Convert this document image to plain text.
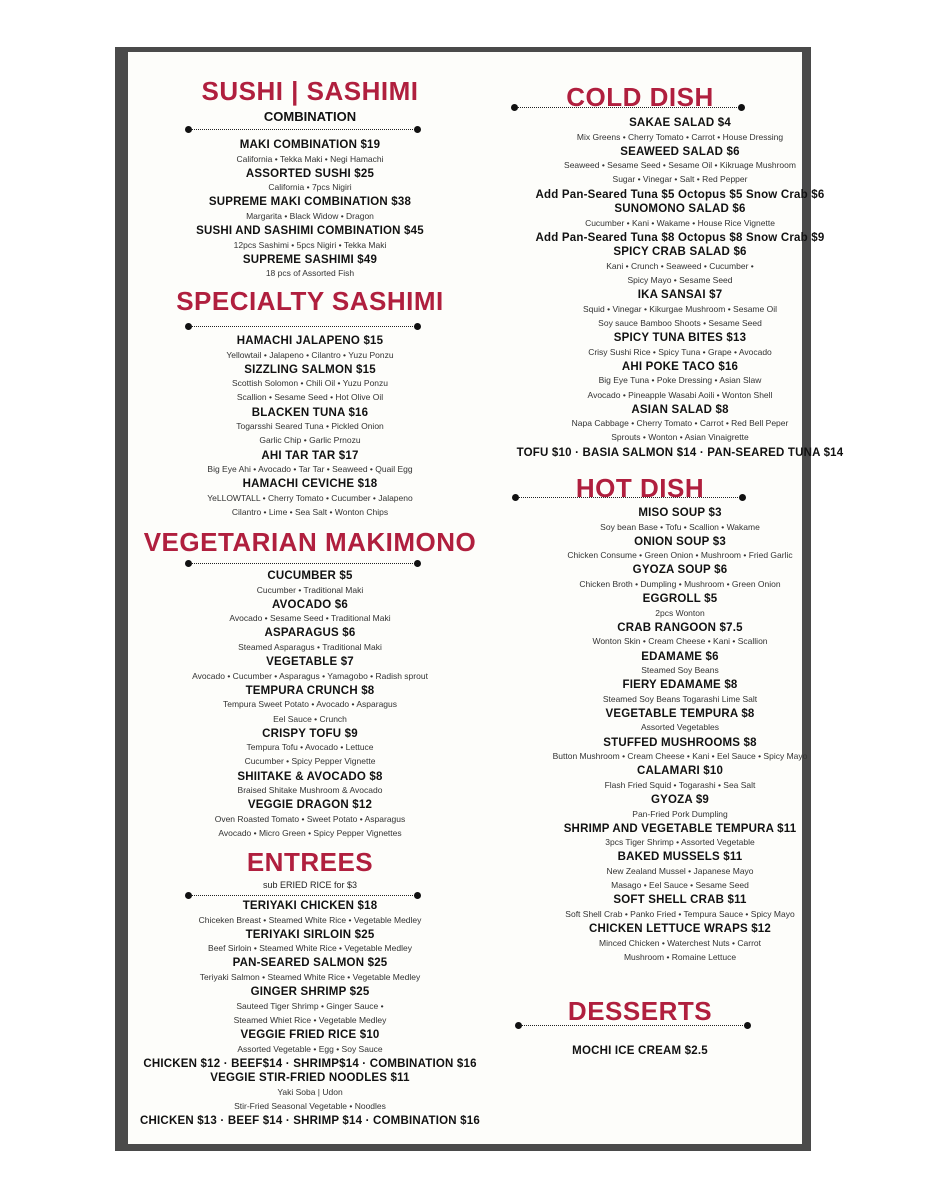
SUSHI | SASHIMI
COMBINATION
SPECIALTY SASHIMI
VEGETARIAN MAKIMONO
ENTREES
sub ERIED RICE for $3
COLD DISH
HOT DISH
DESSERTS
MAKI COMBINATION $19
California • Tekka Maki • Negi Hamachi
ASSORTED SUSHI $25
California • 7pcs Nigiri
SUPREME MAKI COMBINATION $38
Margarita • Black Widow • Dragon
SUSHI AND SASHIMI COMBINATION $45
12pcs Sashimi • 5pcs Nigiri • Tekka Maki
SUPREME SASHIMI $49
18 pcs of Assorted Fish
HAMACHI JALAPENO $15
Yellowtail • Jalapeno • Cilantro • Yuzu Ponzu
SIZZLING SALMON $15
Scottish Solomon • Chili Oil • Yuzu Ponzu
Scallion • Sesame Seed • Hot Olive Oil
BLACKEN TUNA $16
Togarsshi Seared Tuna • Pickled Onion
Garlic Chip • Garlic Prnozu
AHI TAR TAR $17
Big Eye Ahi • Avocado • Tar Tar • Seaweed • Quail Egg
HAMACHI CEVICHE $18
YeLLOWTALL • Cherry Tomato • Cucumber • Jalapeno
Cilantro • Lime • Sea Salt • Wonton Chips
CUCUMBER $5
Cucumber • Traditional Maki
AVOCADO $6
Avocado • Sesame Seed • Traditional Maki
ASPARAGUS $6
Steamed Asparagus • Traditional Maki
VEGETABLE $7
Avocado • Cucumber • Asparagus • Yamagobo • Radish sprout
TEMPURA CRUNCH $8
Tempura Sweet Potato • Avocado • Asparagus
Eel Sauce • Crunch
CRISPY TOFU $9
Tempura Tofu • Avocado • Lettuce
Cucumber • Spicy Pepper Vignette
SHIITAKE & AVOCADO $8
Braised Shitake Mushroom & Avocado
VEGGIE DRAGON $12
Oven Roasted Tomato • Sweet Potato • Asparagus
Avocado • Micro Green • Spicy Pepper Vignettes
TERIYAKI CHICKEN $18
Chiceken Breast • Steamed White Rice • Vegetable Medley
TERIYAKI SIRLOIN $25
Beef Sirloin • Steamed White Rice • Vegetable Medley
PAN-SEARED SALMON $25
Teriyaki Salmon • Steamed White Rice • Vegetable Medley
GINGER SHRIMP $25
Sauteed Tiger Shrimp • Ginger Sauce •
Steamed Whiet Rice • Vegetable Medley
VEGGIE FRIED RICE $10
Assorted Vegetable • Egg • Soy Sauce
CHICKEN $12 · BEEF$14 · SHRIMP$14 · COMBINATION $16
VEGGIE STIR-FRIED NOODLES $11
Yaki Soba | Udon
Stir-Fried Seasonal Vegetable • Noodles
CHICKEN $13 · BEEF $14 · SHRIMP $14 · COMBINATION $16
SAKAE SALAD $4
Mix Greens • Cherry Tomato • Carrot • House Dressing
SEAWEED SALAD $6
Seaweed • Sesame Seed • Sesame Oil • Kikruage Mushroom
Sugar • Vinegar • Salt • Red Pepper
Add Pan-Seared Tuna $5 Octopus $5 Snow Crab $6
SUNOMONO SALAD $6
Cucumber • Kani • Wakame • House Rice Vignette
Add Pan-Seared Tuna $8 Octopus $8 Snow Crab $9
SPICY CRAB SALAD $6
Kani • Crunch • Seaweed • Cucumber •
Spicy Mayo • Sesame Seed
IKA SANSAI $7
Squid • Vinegar • Kikurgae Mushroom • Sesame Oil
Soy sauce Bamboo Shoots • Sesame Seed
SPICY TUNA BITES $13
Crisy Sushi Rice • Spicy Tuna • Grape • Avocado
AHI POKE TACO $16
Big Eye Tuna • Poke Dressing • Asian Slaw
Avocado • Pineapple Wasabi Aoili • Wonton Shell
ASIAN SALAD $8
Napa Cabbage • Cherry Tomato • Carrot • Red Bell Peper
Sprouts • Wonton • Asian Vinaigrette
TOFU $10 · BASIA SALMON $14 · PAN-SEARED TUNA $14
MISO SOUP $3
Soy bean Base • Tofu • Scallion • Wakame
ONION SOUP $3
Chicken Consume • Green Onion • Mushroom • Fried Garlic
GYOZA SOUP $6
Chicken Broth • Dumpling • Mushroom • Green Onion
EGGROLL $5
2pcs Wonton
CRAB RANGOON $7.5
Wonton Skin • Cream Cheese • Kani • Scallion
EDAMAME $6
Steamed Soy Beans
FIERY EDAMAME $8
Steamed Soy Beans Togarashi Lime Salt
VEGETABLE TEMPURA $8
Assorted Vegetables
STUFFED MUSHROOMS $8
Button Mushroom • Cream Cheese • Kani • Eel Sauce • Spicy Mayo
CALAMARI $10
Flash Fried Squid • Togarashi • Sea Salt
GYOZA $9
Pan-Fried Pork Dumpling
SHRIMP AND VEGETABLE TEMPURA $11
3pcs Tiger Shrimp • Assorted Vegetable
BAKED MUSSELS $11
New Zealand Mussel • Japanese Mayo
Masago • Eel Sauce • Sesame Seed
SOFT SHELL CRAB $11
Soft Shell Crab • Panko Fried • Tempura Sauce • Spicy Mayo
CHICKEN LETTUCE WRAPS $12
Minced Chicken • Waterchest Nuts • Carrot
Mushroom • Romaine Lettuce
MOCHI ICE CREAM $2.5
